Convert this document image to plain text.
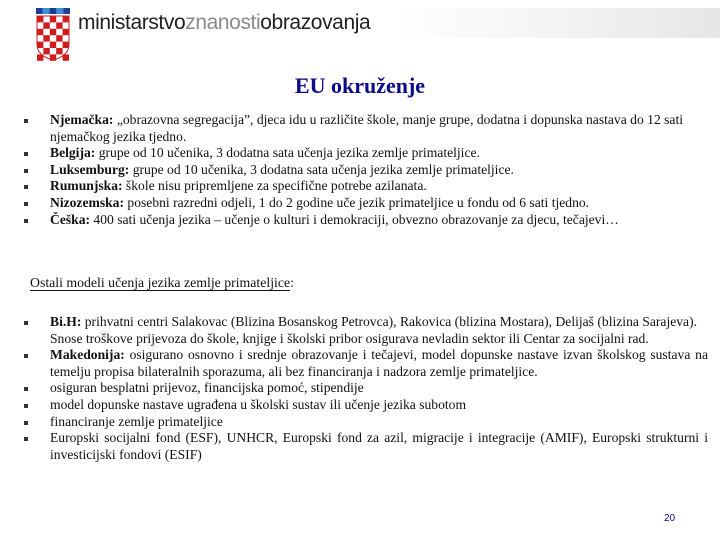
ministarstvoznanostiobrazovanja
EU okruženje
Njemačka: „obrazovna segregacija”, djeca idu u različite škole, manje grupe, dodatna i dopunska nastava do 12 sati njemačkog jezika tjedno.
Belgija: grupe od 10 učenika, 3 dodatna sata učenja jezika zemlje primateljice.
Luksemburg: grupe od 10 učenika, 3 dodatna sata učenja jezika zemlje primateljice.
Rumunjska: škole nisu pripremljene za specifične potrebe azilanata.
Nizozemska: posebni razredni odjeli, 1 do 2 godine uče jezik primateljice u fondu od 6 sati tjedno.
Češka: 400 sati učenja jezika – učenje o kulturi i demokraciji, obvezno obrazovanje za djecu, tečajevi…

Ostali modeli učenja jezika zemlje primateljice:

Bi.H: prihvatni centri Salakovac (Blizina Bosanskog Petrovca), Rakovica (blizina Mostara), Delijaš (blizina Sarajeva).
Snose troškove prijevoza do škole, knjige i školski pribor osigurava nevladin sektor ili Centar za socijalni rad.
Makedonija: osigurano osnovno i srednje obrazovanje i tečajevi, model dopunske nastave izvan školskog sustava na temelju propisa bilateralnih sporazuma, ali bez financiranja i nadzora zemlje primateljice.
osiguran besplatni prijevoz, financijska pomoć, stipendije
model dopunske nastave ugrađena u školski sustav ili učenje jezika subotom
financiranje zemlje primateljice
Europski socijalni fond (ESF), UNHCR, Europski fond za azil, migracije i integracije (AMIF), Europski strukturni i investicijski fondovi (ESIF)
20
